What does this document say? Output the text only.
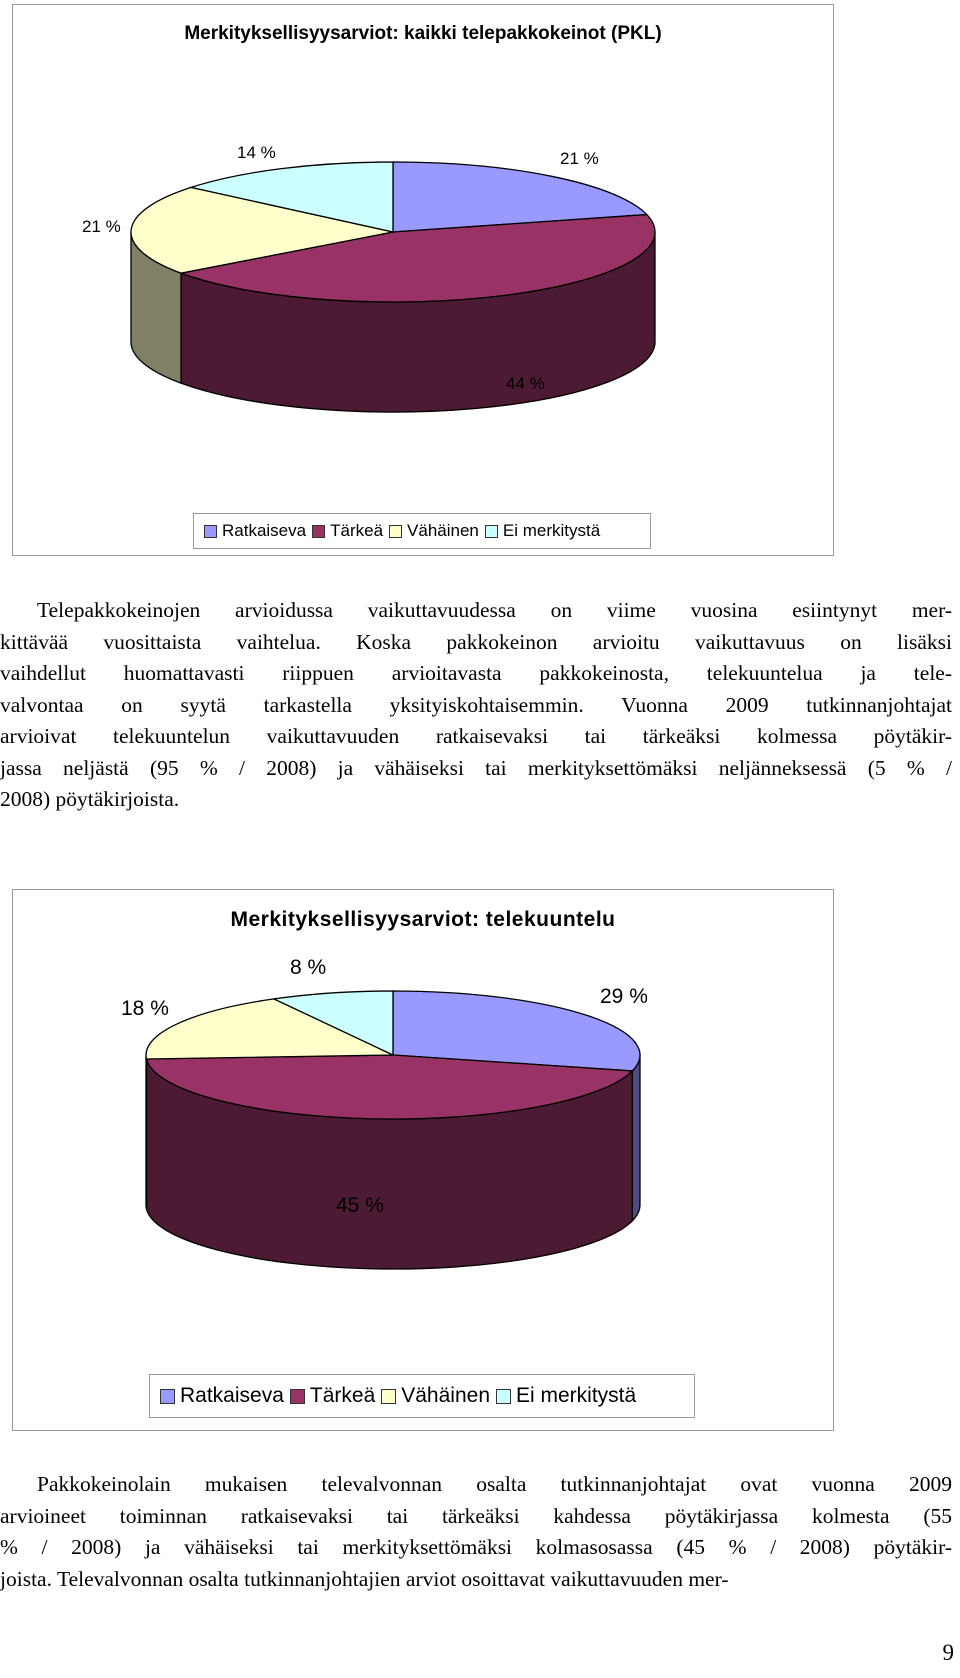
Merkityksellisyysarviot: kaikki telepakkokeinot (PKL)
Ratkaiseva Tärkeä Vähäinen Ei merkitystä
21 %
44 %
21 %
14 %
Telepakkokeinojen arvioidussa vaikuttavuudessa on viime vuosina esiintynyt mer-
kittävää vuosittaista vaihtelua. Koska pakkokeinon arvioitu vaikuttavuus on lisäksi
vaihdellut huomattavasti riippuen arvioitavasta pakkokeinosta, telekuuntelua ja tele-
valvontaa on syytä tarkastella yksityiskohtaisemmin. Vuonna 2009 tutkinnanjohtajat
arvioivat telekuuntelun vaikuttavuuden ratkaisevaksi tai tärkeäksi kolmessa pöytäkir-
jassa neljästä (95 % / 2008) ja vähäiseksi tai merkityksettömäksi neljänneksessä (5 % /
2008) pöytäkirjoista.
Merkityksellisyysarviot: telekuuntelu
Ratkaiseva Tärkeä Vähäinen Ei merkitystä
29 %
45 %
18 %
8 %
Pakkokeinolain mukaisen televalvonnan osalta tutkinnanjohtajat ovat vuonna 2009
arvioineet toiminnan ratkaisevaksi tai tärkeäksi kahdessa pöytäkirjassa kolmesta (55
% / 2008) ja vähäiseksi tai merkityksettömäksi kolmasosassa (45 % / 2008) pöytäkir-
joista. Televalvonnan osalta tutkinnanjohtajien arviot osoittavat vaikuttavuuden mer-
9
